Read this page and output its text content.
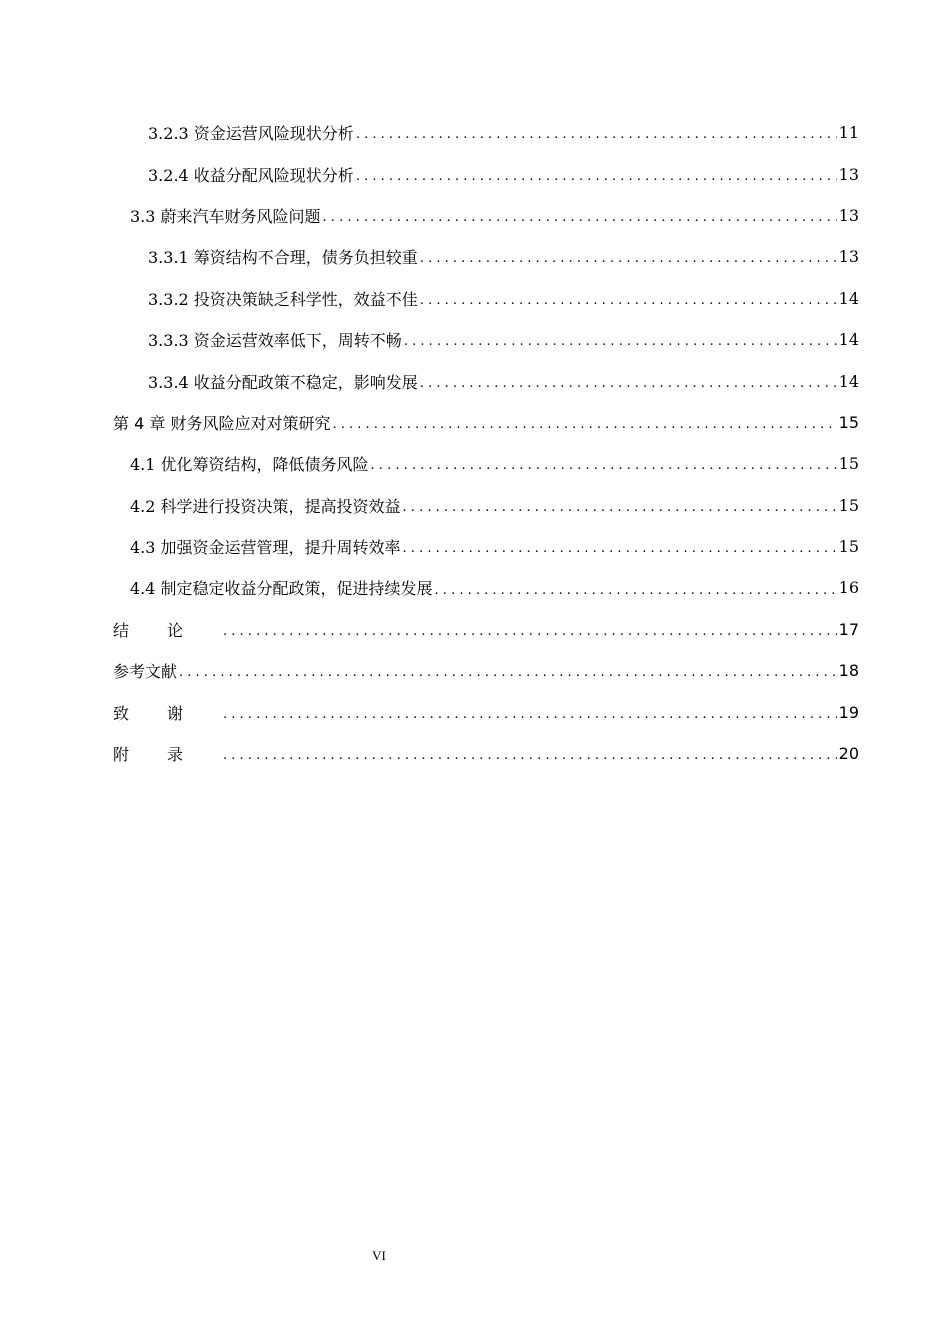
3.2.3 资金运营风险现状分析 . . .	11
3.2.4 收益分配风险现状分析 . . .	13
3.3 蔚来汽车财务风险问题 . . .	13
3.3.1 筹资结构不合理，债务负担较重 . . .	13
3.3.2 投资决策缺乏科学性，效益不佳 . . .	14
3.3.3 资金运营效率低下，周转不畅 . . .	14
3.3.4 收益分配政策不稳定，影响发展 . . .	14
第 4 章 财务风险应对对策研究 . . .	15
4.1 优化筹资结构，降低债务风险 . . .	15
4.2 科学进行投资决策，提高投资效益 . . .	15
4.3 加强资金运营管理，提升周转效率 . . .	15
4.4 制定稳定收益分配政策，促进持续发展 . . .	16
结论 . . .	17
参考文献 . . .	18
致谢 . . .	19
附录 . . .	20
VI
